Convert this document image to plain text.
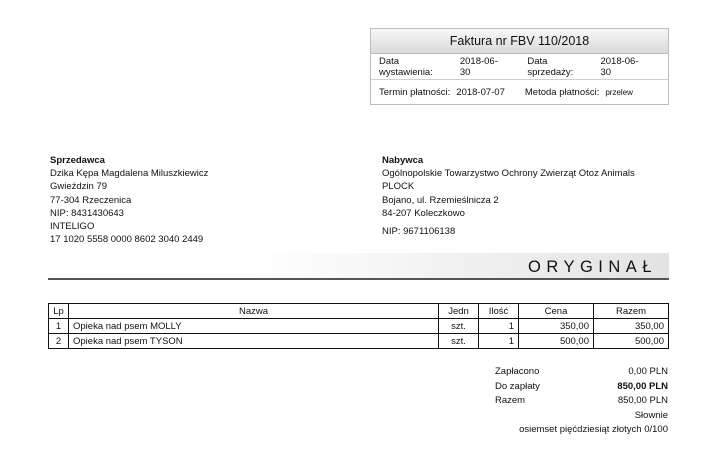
Faktura nr FBV 110/2018
Data wystawienia:
2018-06-30
Data sprzedaży:
2018-06-30
Termin płatności: 2018-07-07 Metoda płatności: przelew
Sprzedawca
Dzika Kępa Magdalena Miluszkiewicz
Gwieździn 79
77-304 Rzeczenica
NIP: 8431430643
INTELIGO
17 1020 5558 0000 8602 3040 2449
Nabywca
Ogólnopolskie Towarzystwo Ochrony Zwierząt Otoz Animals
PLOCK
Bojano, ul. Rzemieślnicza 2
84-207 Koleczkowo
NIP: 9671106138
ORYGINAŁ
Lp	Nazwa	Jedn	Ilość	Cena	Razem
1	Opieka nad psem MOLLY	szt.	1	350,00	350,00
2	Opieka nad psem TYSON	szt.	1	500,00	500,00
Zapłacono	0,00 PLN
Do zapłaty	850,00 PLN
Razem	850,00 PLN
Słownie
osiemset pięćdziesiąt złotych 0/100
